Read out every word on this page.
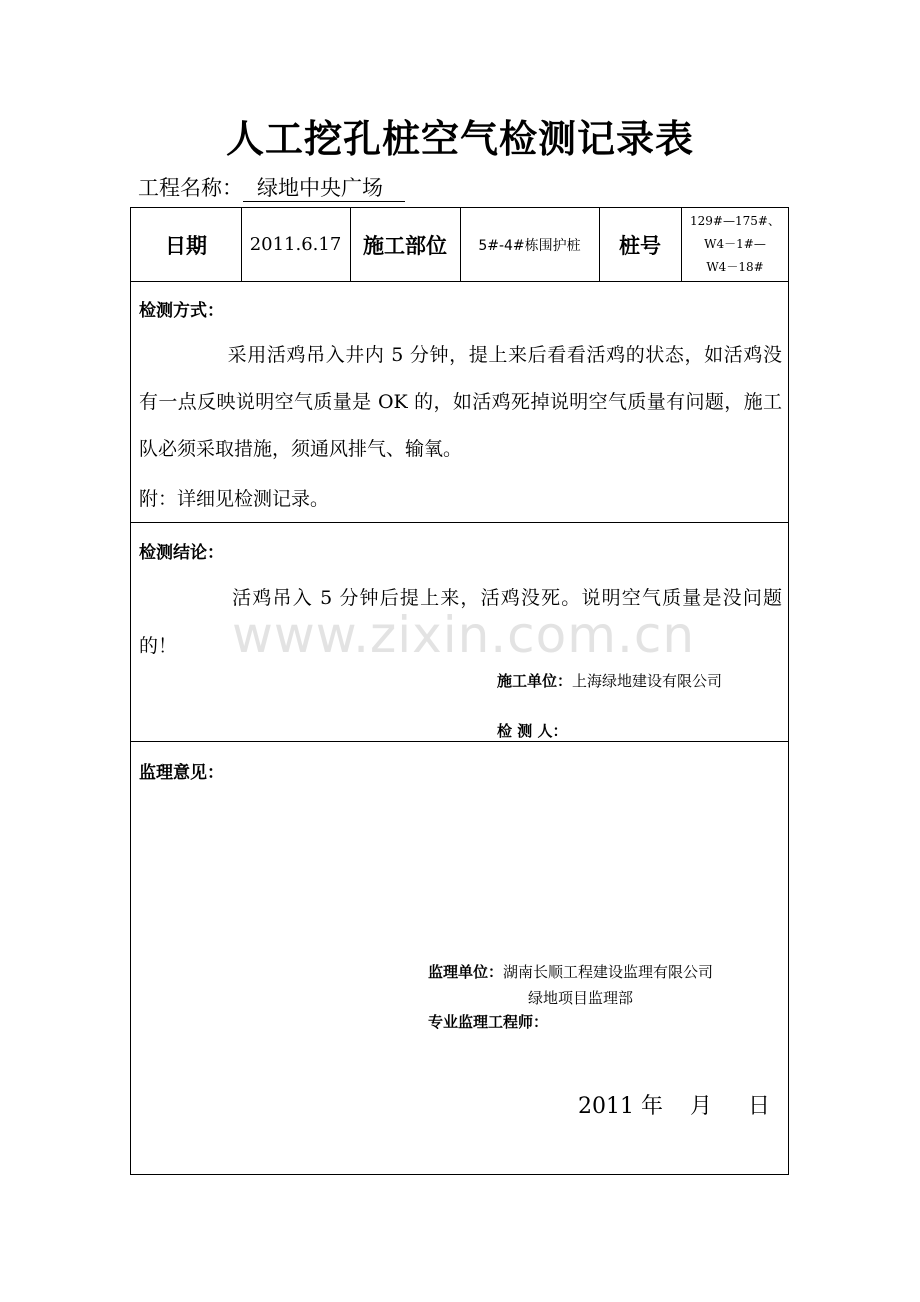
人工挖孔桩空气检测记录表
工程名称： 绿地中央广场
日期	2011.6.17	施工部位	5#-4#栋围护桩	桩号
129#—175#、
W4－1#—
W4－18#
检测方式：
采用活鸡吊入井内 5 分钟，提上来后看看活鸡的状态，如活鸡没有一点反映说明空气质量是 OK 的，如活鸡死掉说明空气质量有问题，施工队必须采取措施，须通风排气、输氧。
附：详细见检测记录。
检测结论：
活鸡吊入 5 分钟后提上来，活鸡没死。说明空气质量是没问题的！
施工单位：上海绿地建设有限公司
检 测 人：
监理意见：
监理单位：湖南长顺工程建设监理有限公司
绿地项目监理部
专业监理工程师：
2011 年 月 日
www.zixin.com.cn
